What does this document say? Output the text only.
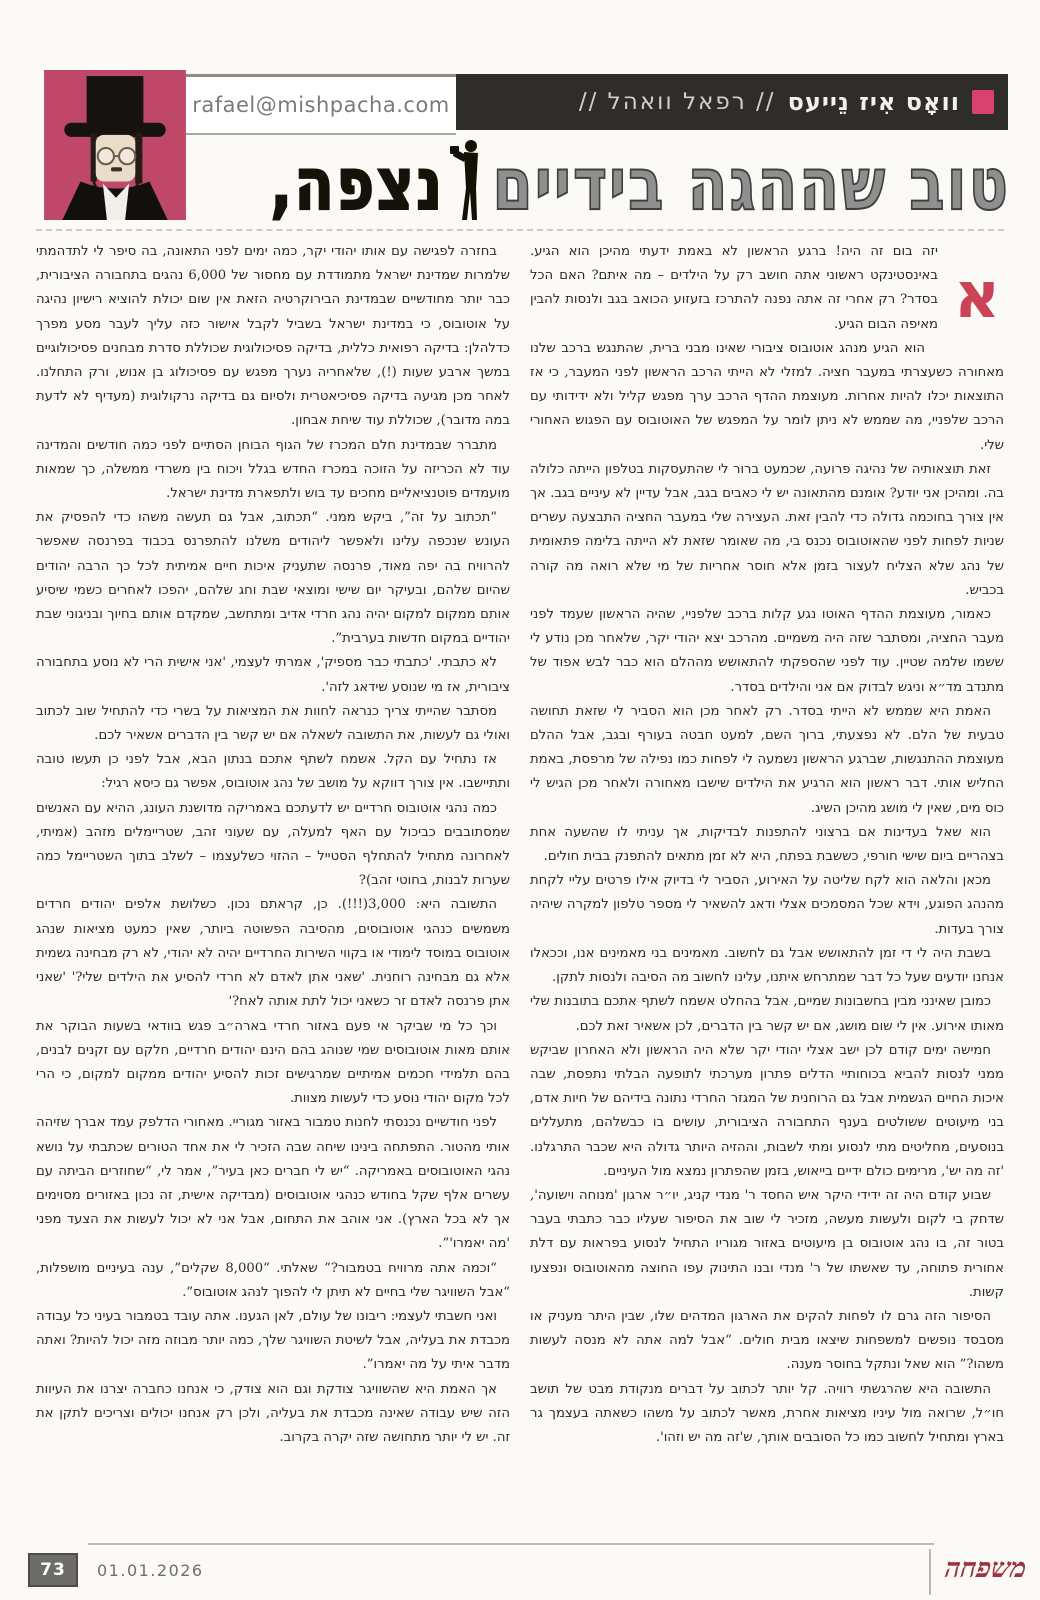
rafael@mishpacha.com	וואָס אִיז נֵייעס
// רפאל וואהל //
טוב שההגה בידיים
נצפה,
א

יזה בום זה היה! ברגע הראשון לא באמת ידעתי מהיכן הוא הגיע. באינסטינקט ראשוני אתה חושב רק על הילדים – מה איתם? האם הכל בסדר? רק אחרי זה אתה נפנה להתרכז בזעזוע הכואב בגב ולנסות להבין מאיפה הבום הגיע.

הוא הגיע מנהג אוטובוס ציבורי שאינו מבני ברית, שהתנגש ברכב שלנו מאחורה כשעצרתי במעבר חציה. למזלי לא הייתי הרכב הראשון לפני המעבר, כי אז התוצאות יכלו להיות אחרות. מעוצמת ההדף הרכב ערך מפגש קליל ולא ידידותי עם הרכב שלפניי, מה שממש לא ניתן לומר על המפגש של האוטובוס עם הפגוש האחורי שלי.

זאת תוצאותיה של נהיגה פרועה, שכמעט ברור לי שהתעסקות בטלפון הייתה כלולה בה. ומהיכן אני יודע? אומנם מהתאונה יש לי כאבים בגב, אבל עדיין לא עיניים בגב. אך אין צורך בחוכמה גדולה כדי להבין זאת. העצירה שלי במעבר החציה התבצעה עשרים שניות לפחות לפני שהאוטובוס נכנס בי, מה שאומר שזאת לא הייתה בלימה פתאומית של נהג שלא הצליח לעצור בזמן אלא חוסר אחריות של מי שלא רואה מה קורה בכביש.

כאמור, מעוצמת ההדף האוטו נגע קלות ברכב שלפניי, שהיה הראשון שעמד לפני מעבר החציה, ומסתבר שזה היה משמיים. מהרכב יצא יהודי יקר, שלאחר מכן נודע לי ששמו שלמה שטיין. עוד לפני שהספקתי להתאושש מההלם הוא כבר לבש אפוד של מתנדב מד״א וניגש לבדוק אם אני והילדים בסדר.

האמת היא שממש לא הייתי בסדר. רק לאחר מכן הוא הסביר לי שזאת תחושה טבעית של הלם. לא נפצעתי, ברוך השם, למעט חבטה בעורף ובגב, אבל ההלם מעוצמת ההתנגשות, שברגע הראשון נשמעה לי לפחות כמו נפילה של מרפסת, באמת החליש אותי. דבר ראשון הוא הרגיע את הילדים שישבו מאחורה ולאחר מכן הגיש לי כוס מים, שאין לי מושג מהיכן השיג.

הוא שאל בעדינות אם ברצוני להתפנות לבדיקות, אך עניתי לו שהשעה אחת בצהריים ביום שישי חורפי, כששבת בפתח, היא לא זמן מתאים להתפנק בבית חולים.

מכאן והלאה הוא לקח שליטה על האירוע, הסביר לי בדיוק אילו פרטים עליי לקחת מהנהג הפוגע, וידא שכל המסמכים אצלי ודאג להשאיר לי מספר טלפון למקרה שיהיה צורך בעדות.

בשבת היה לי די זמן להתאושש אבל גם לחשוב. מאמינים בני מאמינים אנו, וככאלו אנחנו יודעים שעל כל דבר שמתרחש איתנו, עלינו לחשוב מה הסיבה ולנסות לתקן.

כמובן שאינני מבין בחשבונות שמיים, אבל בהחלט אשמח לשתף אתכם בתובנות שלי מאותו אירוע. אין לי שום מושג, אם יש קשר בין הדברים, לכן אשאיר זאת לכם.

חמישה ימים קודם לכן ישב אצלי יהודי יקר שלא היה הראשון ולא האחרון שביקש ממני לנסות להביא בכוחותיי הדלים פתרון מערכתי לתופעה הבלתי נתפסת, שבה איכות החיים הגשמית אבל גם הרוחנית של המגזר החרדי נתונה בידיהם של חיות אדם, בני מיעוטים ששולטים בענף התחבורה הציבורית, עושים בו כבשלהם, מתעללים בנוסעים, מחליטים מתי לנסוע ומתי לשבות, וההזיה היותר גדולה היא שכבר התרגלנו. 'זה מה יש', מרימים כולם ידיים בייאוש, בזמן שהפתרון נמצא מול העיניים.

שבוע קודם היה זה ידידי היקר איש החסד ר' מנדי קניג, יו״ר ארגון 'מנוחה וישועה', שדחק בי לקום ולעשות מעשה, מזכיר לי שוב את הסיפור שעליו כבר כתבתי בעבר בטור זה, בו נהג אוטובוס בן מיעוטים באזור מגוריו התחיל לנסוע בפראות עם דלת אחורית פתוחה, עד שאשתו של ר' מנדי ובנו התינוק עפו החוצה מהאוטובוס ונפצעו קשות.

הסיפור הזה גרם לו לפחות להקים את הארגון המדהים שלו, שבין היתר מעניק או מסבסד נופשים למשפחות שיצאו מבית חולים. “אבל למה אתה לא מנסה לעשות משהו?” הוא שאל ונתקל בחוסר מענה.

התשובה היא שהרגשתי רוויה. קל יותר לכתוב על דברים מנקודת מבט של תושב חו״ל, שרואה מול עיניו מציאות אחרת, מאשר לכתוב על משהו כשאתה בעצמך גר בארץ ומתחיל לחשוב כמו כל הסובבים אותך, ש'זה מה יש וזהו'.

בחזרה לפגישה עם אותו יהודי יקר, כמה ימים לפני התאונה, בה סיפר לי לתדהמתי שלמרות שמדינת ישראל מתמודדת עם מחסור של 6,000 נהגים בתחבורה הציבורית, כבר יותר מחודשיים שבמדינת הבירוקרטיה הזאת אין שום יכולת להוציא רישיון נהיגה על אוטובוס, כי במדינת ישראל בשביל לקבל אישור כזה עליך לעבר מסע מפרך כדלהלן: בדיקה רפואית כללית, בדיקה פסיכולוגית שכוללת סדרת מבחנים פסיכולוגיים במשך ארבע שעות (!), שלאחריה נערך מפגש עם פסיכולוג בן אנוש, ורק התחלנו. לאחר מכן מגיעה בדיקה פסיכיאטרית ולסיום גם בדיקה נרקולוגית (מעדיף לא לדעת במה מדובר), שכוללת עוד שיחת אבחון.

מתברר שבמדינת חלם המכרז של הגוף הבוחן הסתיים לפני כמה חודשים והמדינה עוד לא הכריזה על הזוכה במכרז החדש בגלל ויכוח בין משרדי ממשלה, כך שמאות מועמדים פוטנציאליים מחכים עד בוש ולתפארת מדינת ישראל.

“תכתוב על זה”, ביקש ממני. “תכתוב, אבל גם תעשה משהו כדי להפסיק את העונש שנכפה עלינו ולאפשר ליהודים משלנו להתפרנס בכבוד בפרנסה שאפשר להרוויח בה יפה מאוד, פרנסה שתעניק איכות חיים אמיתית לכל כך הרבה יהודים שהיום שלהם, ובעיקר יום שישי ומוצאי שבת וחג שלהם, יהפכו לאחרים כשמי שיסיע אותם ממקום למקום יהיה נהג חרדי אדיב ומתחשב, שמקדם אותם בחיוך ובניגוני שבת יהודיים במקום חדשות בערבית”.

לא כתבתי. 'כתבתי כבר מספיק', אמרתי לעצמי, 'אני אישית הרי לא נוסע בתחבורה ציבורית, אז מי שנוסע שידאג לזה'.

מסתבר שהייתי צריך כנראה לחוות את המציאות על בשרי כדי להתחיל שוב לכתוב ואולי גם לעשות, את התשובה לשאלה אם יש קשר בין הדברים אשאיר לכם.

אז נתחיל עם הקל. אשמח לשתף אתכם בנתון הבא, אבל לפני כן תעשו טובה ותתיישבו. אין צורך דווקא על מושב של נהג אוטובוס, אפשר גם כיסא רגיל:

כמה נהגי אוטובוס חרדיים יש לדעתכם באמריקה מדושנת העונג, ההיא עם האנשים שמסתובבים כביכול עם האף למעלה, עם שעוני זהב, שטריימלים מזהב (אמיתי, לאחרונה מתחיל להתחלף הסטייל – ההזוי כשלעצמו – לשלב בתוך השטריימל כמה שערות לבנות, בחוטי זהב)?

התשובה היא: 3,000(!!!). כן, קראתם נכון. כשלושת אלפים יהודים חרדים משמשים כנהגי אוטובוסים, מהסיבה הפשוטה ביותר, שאין כמעט מציאות שנהג אוטובוס במוסד לימודי או בקווי השירות החרדיים יהיה לא יהודי, לא רק מבחינה גשמית אלא גם מבחינה רוחנית. 'שאני אתן לאדם לא חרדי להסיע את הילדים שלי?' 'שאני אתן פרנסה לאדם זר כשאני יכול לתת אותה לאח?'

וכך כל מי שביקר אי פעם באזור חרדי בארה״ב פגש בוודאי בשעות הבוקר את אותם מאות אוטובוסים שמי שנוהג בהם הינם יהודים חרדיים, חלקם עם זקנים לבנים, בהם תלמידי חכמים אמיתיים שמרגישים זכות להסיע יהודים ממקום למקום, כי הרי לכל מקום יהודי נוסע כדי לעשות מצוות.

לפני חודשיים נכנסתי לחנות טמבור באזור מגוריי. מאחורי הדלפק עמד אברך שזיהה אותי מהטור. התפתחה בינינו שיחה שבה הזכיר לי את אחד הטורים שכתבתי על נושא נהגי האוטובוסים באמריקה. “יש לי חברים כאן בעיר”, אמר לי, “שחוזרים הביתה עם עשרים אלף שקל בחודש כנהגי אוטובוסים (מבדיקה אישית, זה נכון באזורים מסוימים אך לא בכל הארץ). אני אוהב את התחום, אבל אני לא יכול לעשות את הצעד מפני 'מה יאמרו'”.

“וכמה אתה מרוויח בטמבור?” שאלתי. “8,000 שקלים”, ענה בעיניים מושפלות, “אבל השוויגר שלי בחיים לא תיתן לי להפוך לנהג אוטובוס”.

ואני חשבתי לעצמי: ריבונו של עולם, לאן הגענו. אתה עובד בטמבור בעיני כל עבודה מכבדת את בעליה, אבל לשיטת השוויגר שלך, כמה יותר מבוזה מזה יכול להיות? ואתה מדבר איתי על מה יאמרו”.

אך האמת היא שהשוויגר צודקת וגם הוא צודק, כי אנחנו כחברה יצרנו את העיוות הזה שיש עבודה שאינה מכבדת את בעליה, ולכן רק אנחנו יכולים וצריכים לתקן את זה. יש לי יותר מתחושה שזה יקרה בקרוב.

73 01.01.2026	משפחה
